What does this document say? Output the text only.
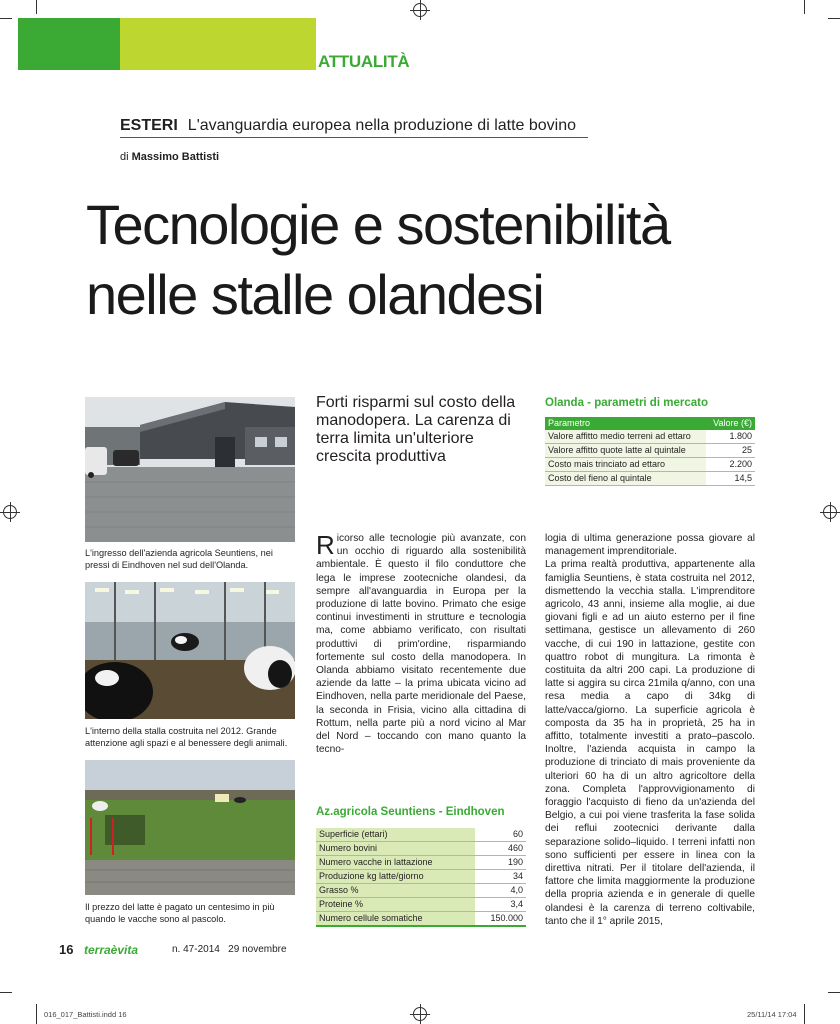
ATTUALITÀ
ESTERI L'avanguardia europea nella produzione di latte bovino
di Massimo Battisti
Tecnologie e sostenibilità
nelle stalle olandesi
L'ingresso dell'azienda agricola Seuntiens, nei pressi di Eindhoven nel sud dell'Olanda.
L'interno della stalla costruita nel 2012. Grande attenzione agli spazi e al benessere degli animali.
Il prezzo del latte è pagato un centesimo in più quando le vacche sono al pascolo.
Forti risparmi sul costo della manodopera. La carenza di terra limita un'ulteriore crescita produttiva
Olanda - parametri di mercato
Parametro	Valore (€)
Valore affitto medio terreni ad ettaro	1.800
Valore affitto quote latte al quintale	25
Costo mais trinciato ad ettaro	2.200
Costo del fieno al quintale	14,5
Ricorso alle tecnologie più avanzate, con un occhio di riguardo alla sostenibilità ambientale. È questo il filo conduttore che lega le imprese zootecniche olandesi, da sempre all'avanguardia in Europa per la produzione di latte bovino. Primato che esige continui investimenti in strutture e tecnologia ma, come abbiamo verificato, con risultati produttivi di prim'ordine, risparmiando fortemente sul costo della manodopera. In Olanda abbiamo visitato recentemente due aziende da latte – la prima ubicata vicino ad Eindhoven, nella parte meridionale del Paese, la seconda in Frisia, vicino alla cittadina di Rottum, nella parte più a nord vicino al Mar del Nord – toccando con mano quanto la tecno-
logia di ultima generazione possa giovare al management imprenditoriale.
La prima realtà produttiva, appartenente alla famiglia Seuntiens, è stata costruita nel 2012, dismettendo la vecchia stalla. L'imprenditore agricolo, 43 anni, insieme alla moglie, ai due giovani figli e ad un aiuto esterno per il fine settimana, gestisce un allevamento di 260 vacche, di cui 190 in lattazione, gestite con quattro robot di mungitura. La rimonta è costituita da altri 200 capi. La produzione di latte si aggira su circa 21mila q/anno, con una resa media a capo di 34kg di latte/vacca/giorno. La superficie agricola è composta da 35 ha in proprietà, 25 ha in affitto, totalmente investiti a prato–pascolo. Inoltre, l'azienda acquista in campo la produzione di trinciato di mais proveniente da ulteriori 60 ha di un altro agricoltore della zona. Completa l'approvvigionamento di foraggio l'acquisto di fieno da un'azienda del Belgio, a cui poi viene trasferita la fase solida dei reflui zootecnici derivante dalla separazione solido–liquido. I terreni infatti non sono sufficienti per essere in linea con la direttiva nitrati. Per il titolare dell'azienda, il fattore che limita maggiormente la produzione della propria azienda e in generale di quelle olandesi è la carenza di terreno coltivabile, tanto che il 1° aprile 2015,
Az.agricola Seuntiens - Eindhoven
Superficie (ettari)	60
Numero bovini	460
Numero vacche in lattazione	190
Produzione kg latte/giorno	34
Grasso %	4,0
Proteine %	3,4
Numero cellule somatiche	150.000
16 terraèvita	n. 47-2014 29 novembre
016_017_Battisti.indd 16	25/11/14 17:04
